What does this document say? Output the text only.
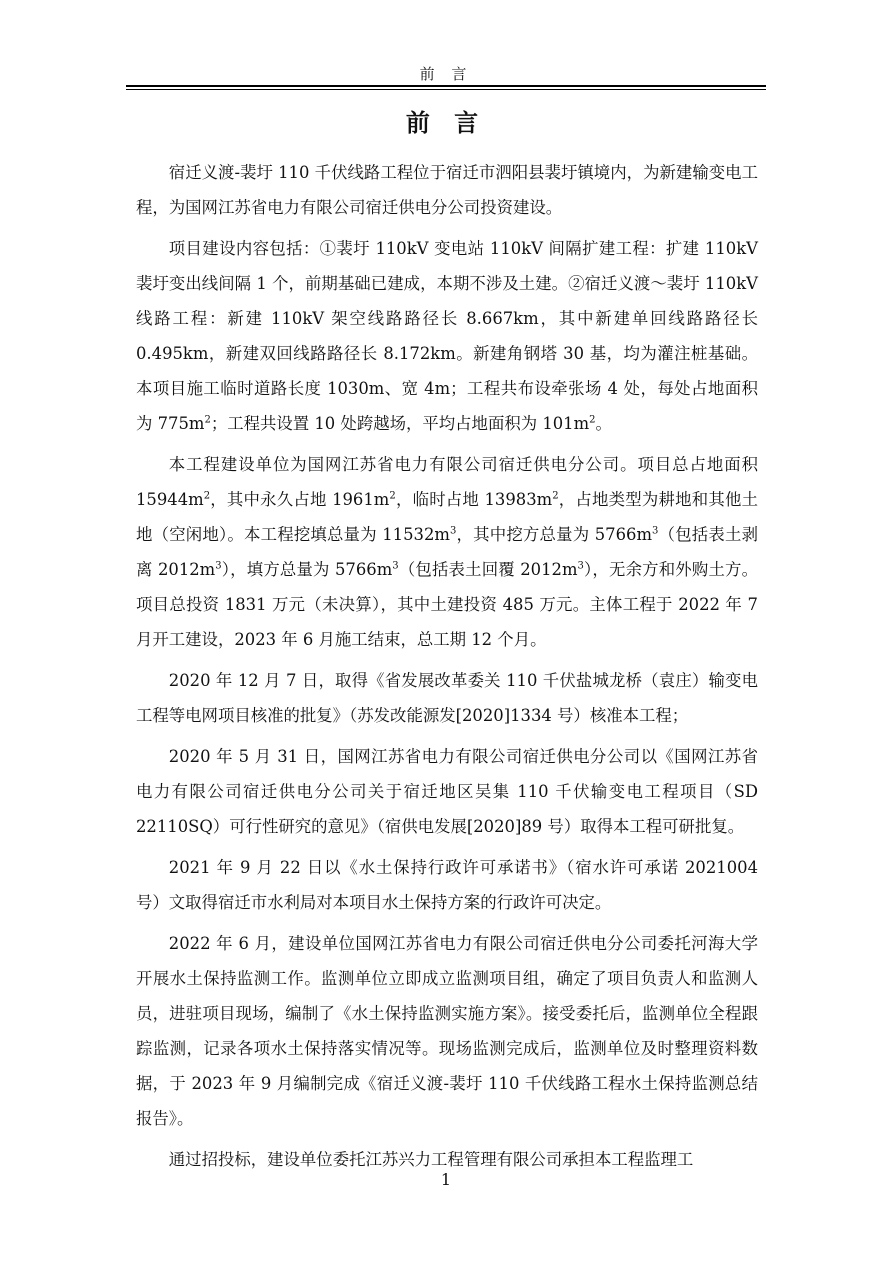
前 言
前 言

宿迁义渡-裴圩 110 千伏线路工程位于宿迁市泗阳县裴圩镇境内，为新建输变电工程，为国网江苏省电力有限公司宿迁供电分公司投资建设。

项目建设内容包括：①裴圩 110kV 变电站 110kV 间隔扩建工程：扩建 110kV 裴圩变出线间隔 1 个，前期基础已建成，本期不涉及土建。②宿迁义渡～裴圩 110kV 线路工程：新建 110kV 架空线路路径长 8.667km，其中新建单回线路路径长 0.495km，新建双回线路路径长 8.172km。新建角钢塔 30 基，均为灌注桩基础。本项目施工临时道路长度 1030m、宽 4m；工程共布设牵张场 4 处，每处占地面积为 $775m^2$；工程共设置 10 处跨越场，平均占地面积为 $101m^2$。

本工程建设单位为国网江苏省电力有限公司宿迁供电分公司。项目总占地面积 $15944m^2$，其中永久占地 $1961m^2$，临时占地 $13983m^2$，占地类型为耕地和其他土地（空闲地）。本工程挖填总量为 $11532m^3$，其中挖方总量为 $5766m^3$（包括表土剥离 $2012m^3$），填方总量为 $5766m^3$（包括表土回覆 $2012m^3$），无余方和外购土方。项目总投资 1831 万元（未决算），其中土建投资 485 万元。主体工程于 2022 年 7 月开工建设，2023 年 6 月施工结束，总工期 12 个月。

2020 年 12 月 7 日，取得《省发展改革委关 110 千伏盐城龙桥（袁庄）输变电工程等电网项目核准的批复》（苏发改能源发[2020]1334 号）核准本工程；

2020 年 5 月 31 日，国网江苏省电力有限公司宿迁供电分公司以《国网江苏省电力有限公司宿迁供电分公司关于宿迁地区吴集 110 千伏输变电工程项目（SD 22110SQ）可行性研究的意见》（宿供电发展[2020]89 号）取得本工程可研批复。

2021 年 9 月 22 日以《水土保持行政许可承诺书》（宿水许可承诺 2021004 号）文取得宿迁市水利局对本项目水土保持方案的行政许可决定。

2022 年 6 月，建设单位国网江苏省电力有限公司宿迁供电分公司委托河海大学开展水土保持监测工作。监测单位立即成立监测项目组，确定了项目负责人和监测人员，进驻项目现场，编制了《水土保持监测实施方案》。接受委托后，监测单位全程跟踪监测，记录各项水土保持落实情况等。现场监测完成后，监测单位及时整理资料数据，于 2023 年 9 月编制完成《宿迁义渡-裴圩 110 千伏线路工程水土保持监测总结报告》。

通过招投标，建设单位委托江苏兴力工程管理有限公司承担本工程监理工

1
